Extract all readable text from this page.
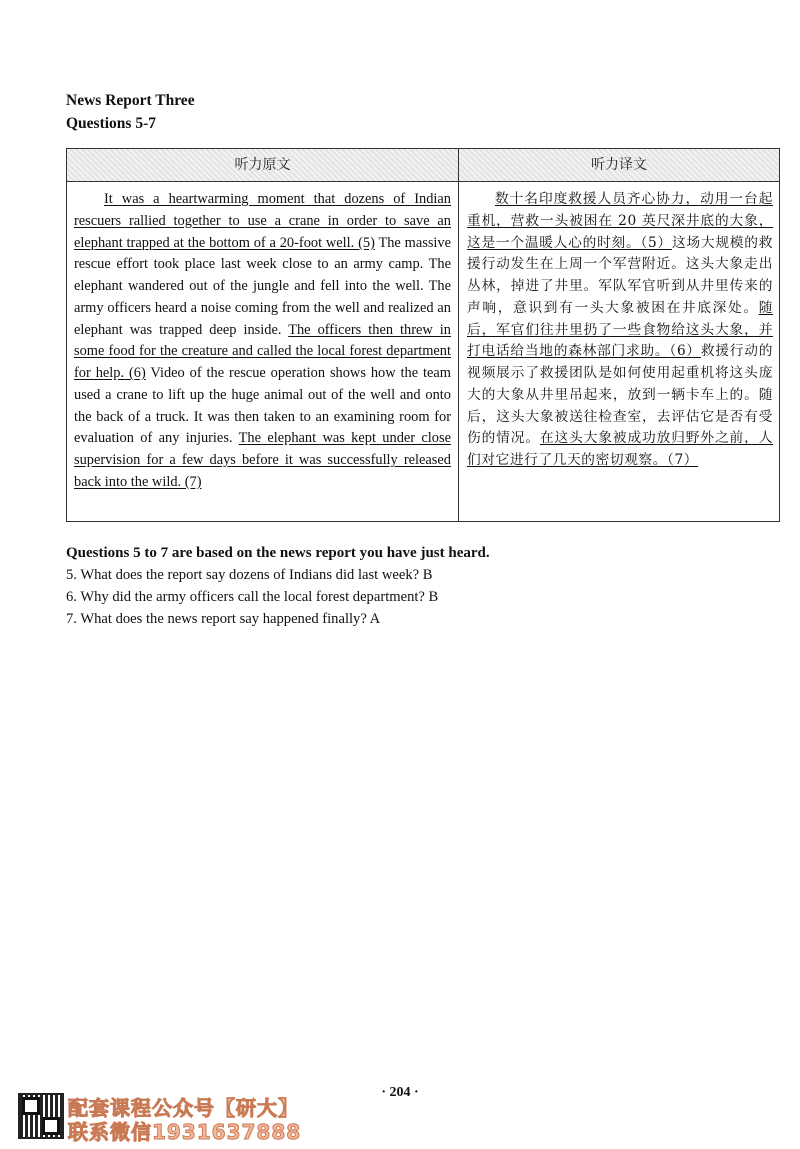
News Report Three
Questions 5-7
听力原文	听力译文

It was a heartwarming moment that dozens of Indian rescuers rallied together to use a crane in order to save an elephant trapped at the bottom of a 20-foot well. (5) The massive rescue effort took place last week close to an army camp. The elephant wandered out of the jungle and fell into the well. The army officers heard a noise coming from the well and realized an elephant was trapped deep inside. The officers then threw in some food for the creature and called the local forest department for help. (6) Video of the rescue operation shows how the team used a crane to lift up the huge animal out of the well and onto the back of a truck. It was then taken to an examining room for evaluation of any injuries. The elephant was kept under close supervision for a few days before it was successfully released back into the wild. (7)

数十名印度救援人员齐心协力，动用一台起重机，营救一头被困在 20 英尺深井底的大象，这是一个温暖人心的时刻。（5）这场大规模的救援行动发生在上周一个军营附近。这头大象走出丛林，掉进了井里。军队军官听到从井里传来的声响，意识到有一头大象被困在井底深处。随后，军官们往井里扔了一些食物给这头大象，并打电话给当地的森林部门求助。（6）救援行动的视频展示了救援团队是如何使用起重机将这头庞大的大象从井里吊起来，放到一辆卡车上的。随后，这头大象被送往检查室，去评估它是否有受伤的情况。在这头大象被成功放归野外之前，人们对它进行了几天的密切观察。（7）

Questions 5 to 7 are based on the news report you have just heard.
5. What does the report say dozens of Indians did last week? B
6. Why did the army officers call the local forest department? B
7. What does the news report say happened finally? A
· 204 ·
配套课程公众号【研大】
联系微信1931637888
